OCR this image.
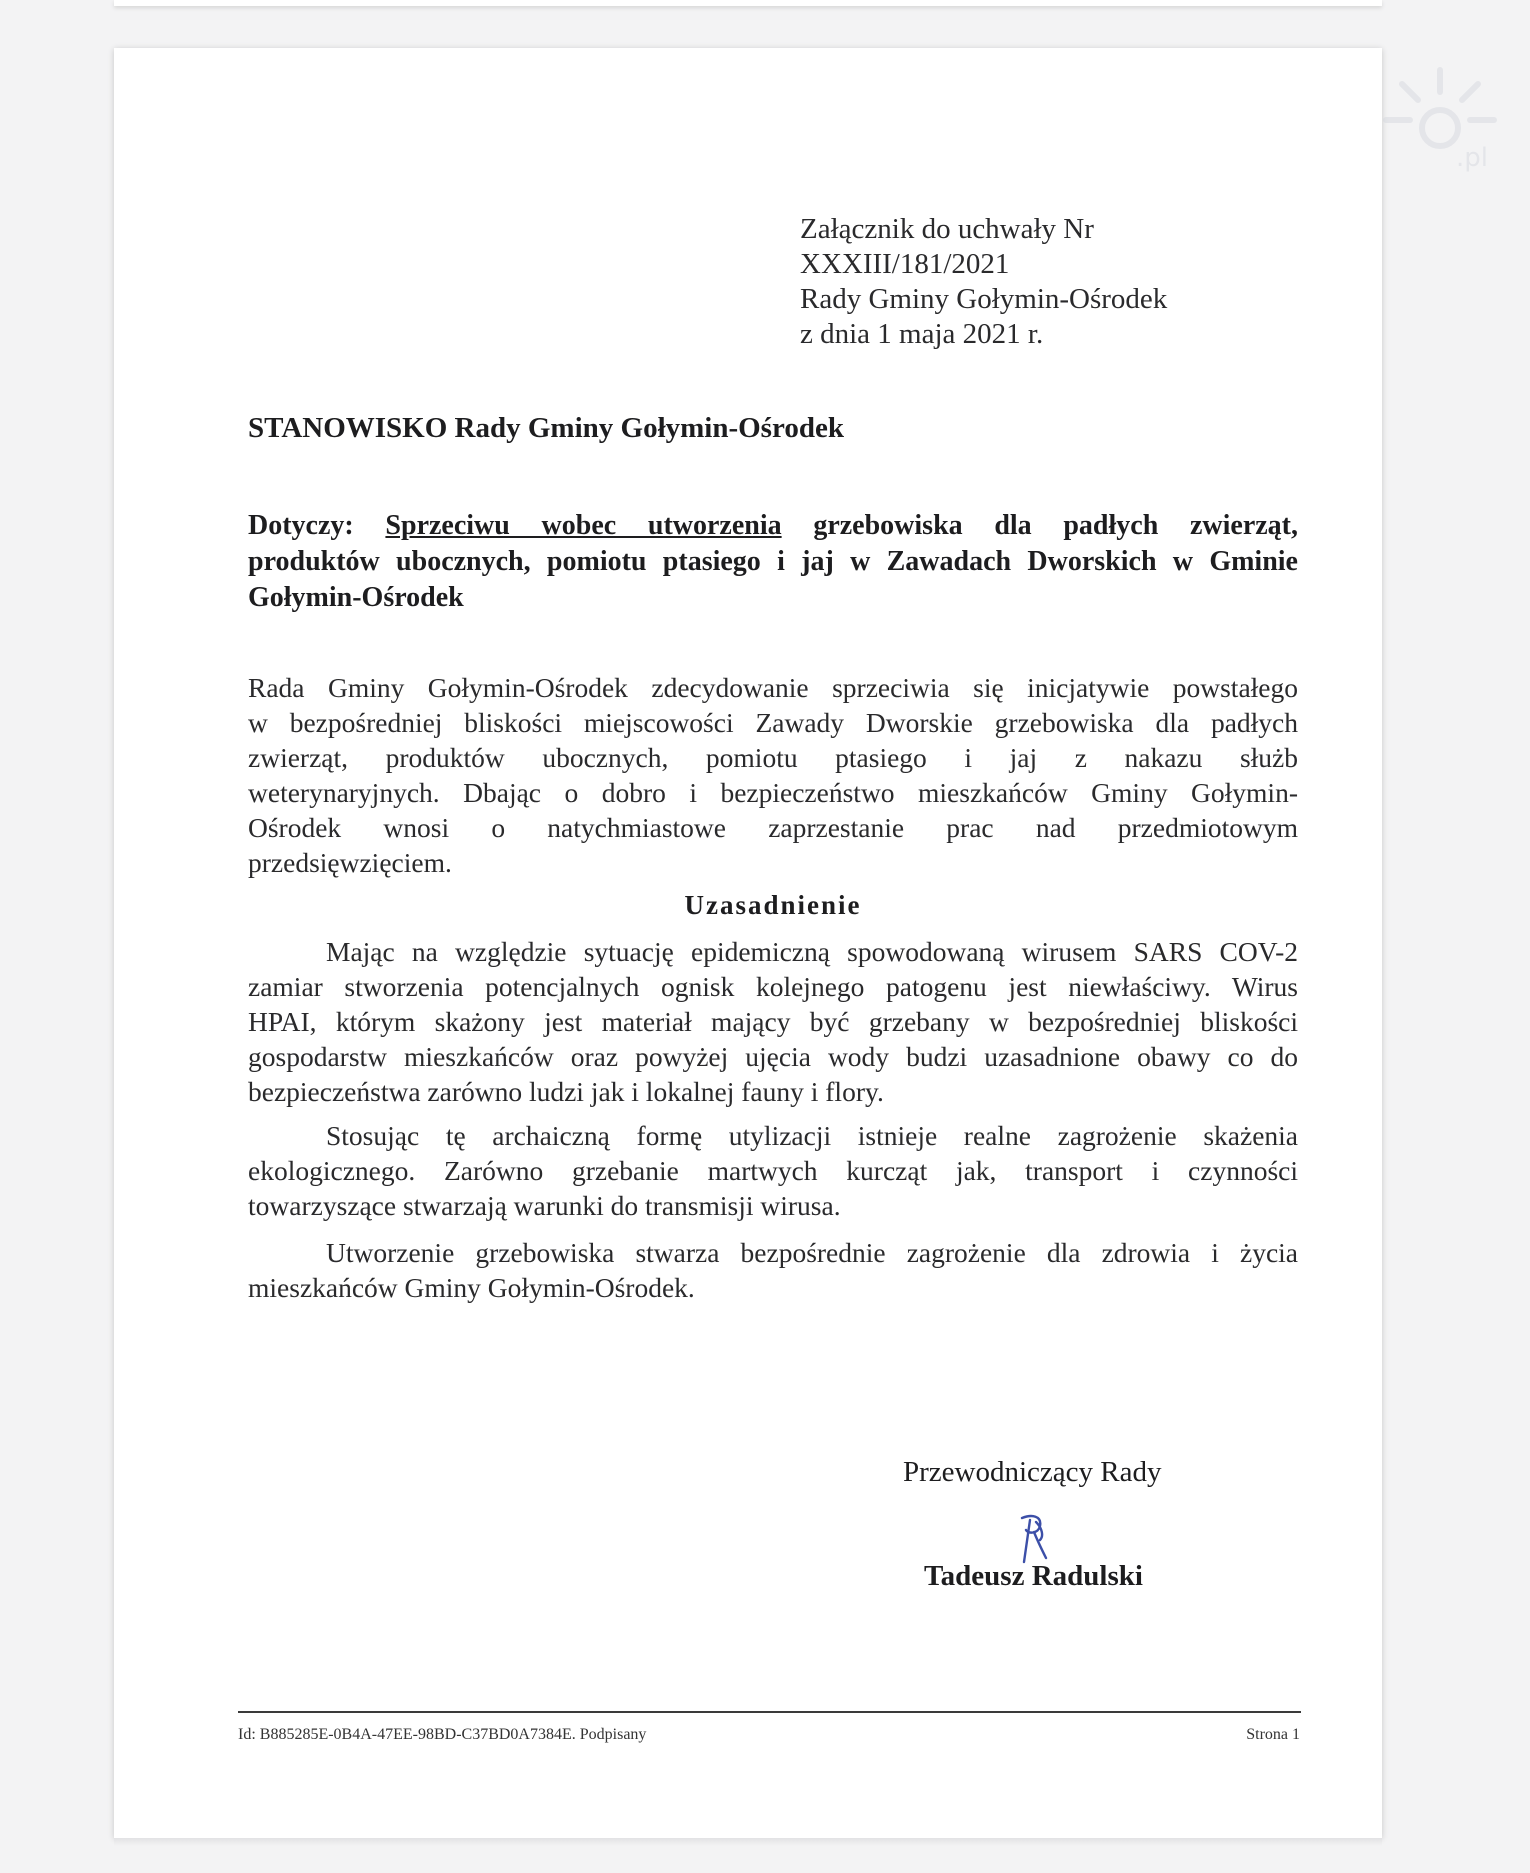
.pl
Załącznik do uchwały Nr
XXXIII/181/2021
Rady Gminy Gołymin-Ośrodek
z dnia 1 maja 2021 r.
STANOWISKO Rady Gminy Gołymin-Ośrodek
Dotyczy: Sprzeciwu wobec utworzenia grzebowiska dla padłych zwierząt,
produktów ubocznych, pomiotu ptasiego i jaj w Zawadach Dworskich w Gminie
Gołymin-Ośrodek
Rada Gminy Gołymin-Ośrodek zdecydowanie sprzeciwia się inicjatywie powstałego
w bezpośredniej bliskości miejscowości Zawady Dworskie grzebowiska dla padłych
zwierząt, produktów ubocznych, pomiotu ptasiego i jaj z nakazu służb
weterynaryjnych. Dbając o dobro i bezpieczeństwo mieszkańców Gminy Gołymin-
Ośrodek wnosi o natychmiastowe zaprzestanie prac nad przedmiotowym
przedsięwzięciem.
Uzasadnienie
Mając na względzie sytuację epidemiczną spowodowaną wirusem SARS COV-2
zamiar stworzenia potencjalnych ognisk kolejnego patogenu jest niewłaściwy. Wirus
HPAI, którym skażony jest materiał mający być grzebany w bezpośredniej bliskości
gospodarstw mieszkańców oraz powyżej ujęcia wody budzi uzasadnione obawy co do
bezpieczeństwa zarówno ludzi jak i lokalnej fauny i flory.
Stosując tę archaiczną formę utylizacji istnieje realne zagrożenie skażenia
ekologicznego. Zarówno grzebanie martwych kurcząt jak, transport i czynności
towarzyszące stwarzają warunki do transmisji wirusa.
Utworzenie grzebowiska stwarza bezpośrednie zagrożenie dla zdrowia i życia
mieszkańców Gminy Gołymin-Ośrodek.
Przewodniczący Rady
Tadeusz Radulski
Id: B885285E-0B4A-47EE-98BD-C37BD0A7384E. Podpisany	Strona 1
